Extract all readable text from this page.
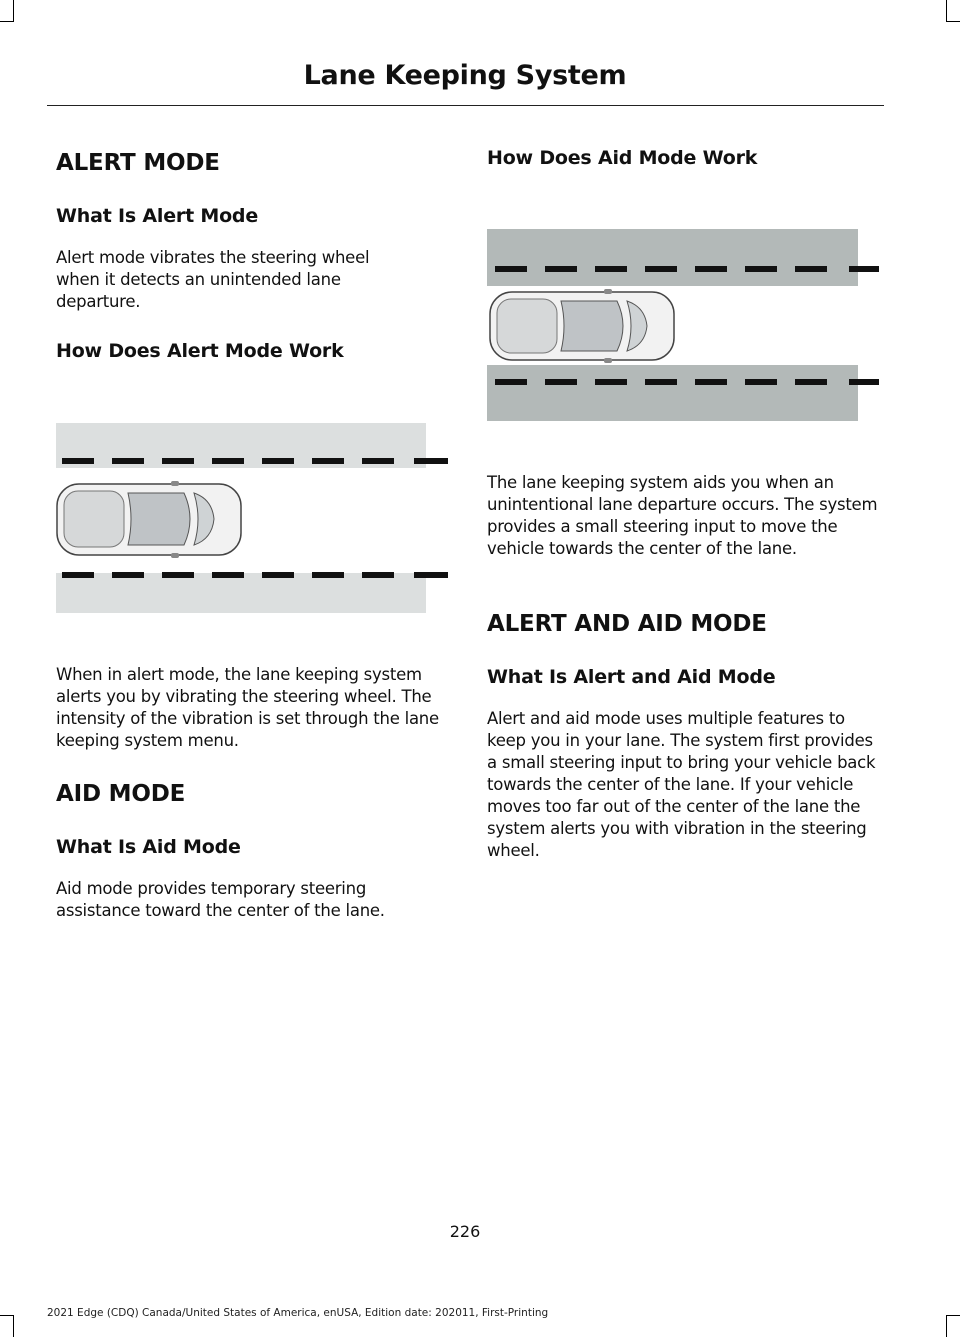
Lane Keeping System
ALERT MODE
What Is Alert Mode

Alert mode vibrates the steering wheel when it detects an unintended lane departure.

How Does Alert Mode Work

When in alert mode, the lane keeping system alerts you by vibrating the steering wheel. The intensity of the vibration is set through the lane keeping system menu.

AID MODE
What Is Aid Mode

Aid mode provides temporary steering assistance toward the center of the lane.

How Does Aid Mode Work

The lane keeping system aids you when an unintentional lane departure occurs. The system provides a small steering input to move the vehicle towards the center of the lane.

ALERT AND AID MODE
What Is Alert and Aid Mode

Alert and aid mode uses multiple features to keep you in your lane. The system first provides a small steering input to bring your vehicle back towards the center of the lane. If your vehicle moves too far out of the center of the lane the system alerts you with vibration in the steering wheel.

226
2021 Edge (CDQ) Canada/United States of America, enUSA, Edition date: 202011, First-Printing
